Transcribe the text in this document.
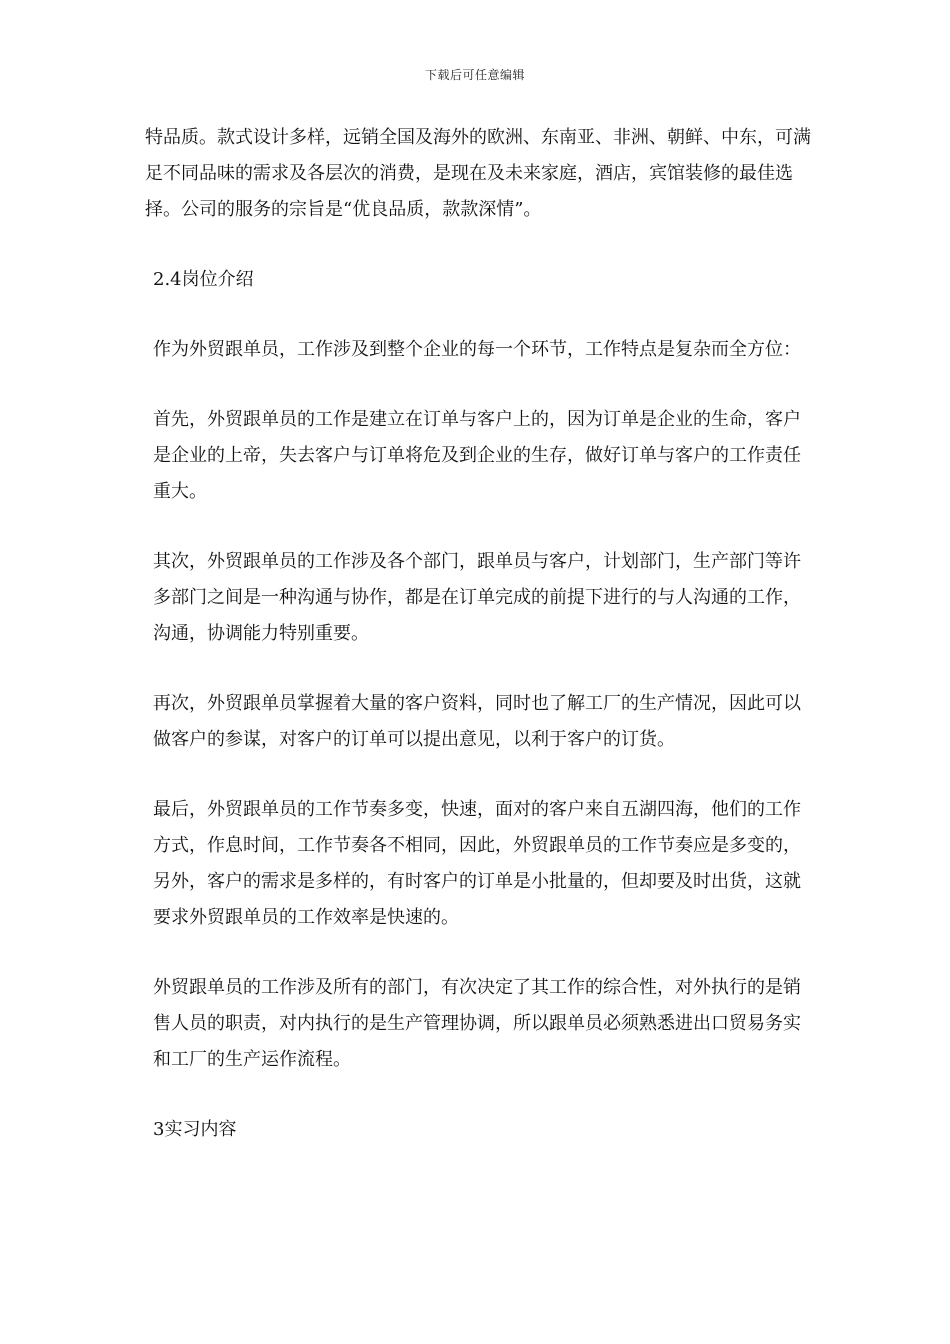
下载后可任意编辑

特品质。款式设计多样，远销全国及海外的欧洲、东南亚、非洲、朝鲜、中东，可满足不同品味的需求及各层次的消费，是现在及未来家庭，酒店，宾馆装修的最佳选择。公司的服务的宗旨是“优良品质，款款深情”。

2.4岗位介绍

作为外贸跟单员，工作涉及到整个企业的每一个环节，工作特点是复杂而全方位：

首先，外贸跟单员的工作是建立在订单与客户上的，因为订单是企业的生命，客户是企业的上帝，失去客户与订单将危及到企业的生存，做好订单与客户的工作责任重大。

其次，外贸跟单员的工作涉及各个部门，跟单员与客户，计划部门，生产部门等许多部门之间是一种沟通与协作，都是在订单完成的前提下进行的与人沟通的工作，沟通，协调能力特别重要。

再次，外贸跟单员掌握着大量的客户资料，同时也了解工厂的生产情况，因此可以做客户的参谋，对客户的订单可以提出意见，以利于客户的订货。

最后，外贸跟单员的工作节奏多变，快速，面对的客户来自五湖四海，他们的工作方式，作息时间，工作节奏各不相同，因此，外贸跟单员的工作节奏应是多变的，另外，客户的需求是多样的，有时客户的订单是小批量的，但却要及时出货，这就要求外贸跟单员的工作效率是快速的。

外贸跟单员的工作涉及所有的部门，有次决定了其工作的综合性，对外执行的是销售人员的职责，对内执行的是生产管理协调，所以跟单员必须熟悉进出口贸易务实和工厂的生产运作流程。

3实习内容
